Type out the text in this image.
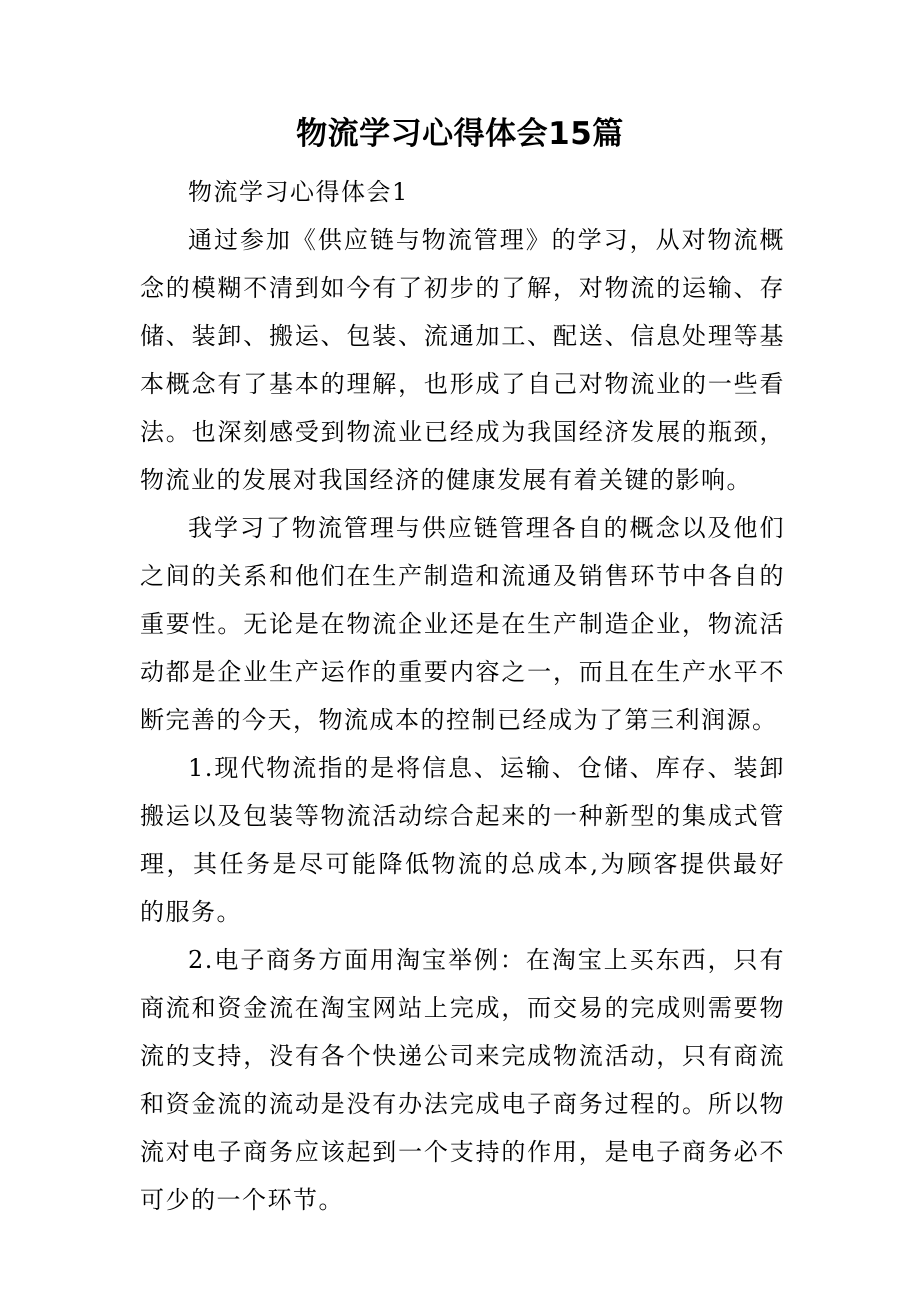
物流学习心得体会15篇

物流学习心得体会1

通过参加《供应链与物流管理》的学习，从对物流概念的模糊不清到如今有了初步的了解，对物流的运输、存储、装卸、搬运、包装、流通加工、配送、信息处理等基本概念有了基本的理解，也形成了自己对物流业的一些看法。也深刻感受到物流业已经成为我国经济发展的瓶颈，物流业的发展对我国经济的健康发展有着关键的影响。

我学习了物流管理与供应链管理各自的概念以及他们之间的关系和他们在生产制造和流通及销售环节中各自的重要性。无论是在物流企业还是在生产制造企业，物流活动都是企业生产运作的重要内容之一，而且在生产水平不断完善的今天，物流成本的控制已经成为了第三利润源。

1.现代物流指的是将信息、运输、仓储、库存、装卸搬运以及包装等物流活动综合起来的一种新型的集成式管理，其任务是尽可能降低物流的总成本,为顾客提供最好的服务。

2.电子商务方面用淘宝举例：在淘宝上买东西，只有商流和资金流在淘宝网站上完成，而交易的完成则需要物流的支持，没有各个快递公司来完成物流活动，只有商流和资金流的流动是没有办法完成电子商务过程的。所以物流对电子商务应该起到一个支持的作用，是电子商务必不可少的一个环节。
